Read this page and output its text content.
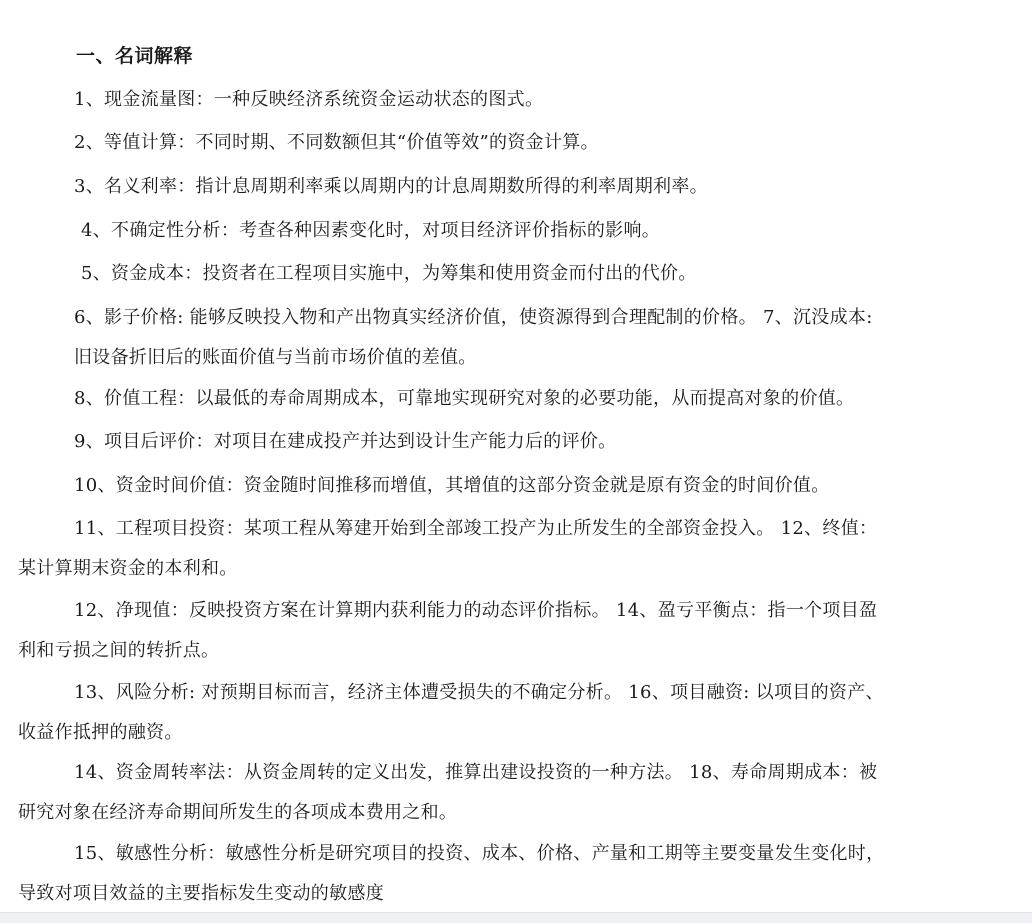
一、名词解释
1、现金流量图：一种反映经济系统资金运动状态的图式。
2、等值计算：不同时期、不同数额但其“价值等效”的资金计算。
3、名义利率：指计息周期利率乘以周期内的计息周期数所得的利率周期利率。
4、不确定性分析：考查各种因素变化时，对项目经济评价指标的影响。
5、资金成本：投资者在工程项目实施中，为筹集和使用资金而付出的代价。
6、影子价格: 能够反映投入物和产出物真实经济价值，使资源得到合理配制的价格。 7、沉没成本:
旧设备折旧后的账面价值与当前市场价值的差值。
8、价值工程：以最低的寿命周期成本，可靠地实现研究对象的必要功能，从而提高对象的价值。
9、项目后评价：对项目在建成投产并达到设计生产能力后的评价。
10、资金时间价值：资金随时间推移而增值，其增值的这部分资金就是原有资金的时间价值。
11、工程项目投资：某项工程从筹建开始到全部竣工投产为止所发生的全部资金投入。 12、终值：
某计算期末资金的本利和。
12、净现值：反映投资方案在计算期内获利能力的动态评价指标。 14、盈亏平衡点：指一个项目盈
利和亏损之间的转折点。
13、风险分析: 对预期目标而言，经济主体遭受损失的不确定分析。 16、项目融资: 以项目的资产、
收益作抵押的融资。
14、资金周转率法：从资金周转的定义出发，推算出建设投资的一种方法。 18、寿命周期成本：被
研究对象在经济寿命期间所发生的各项成本费用之和。
15、敏感性分析：敏感性分析是研究项目的投资、成本、价格、产量和工期等主要变量发生变化时，
导致对项目效益的主要指标发生变动的敏感度
